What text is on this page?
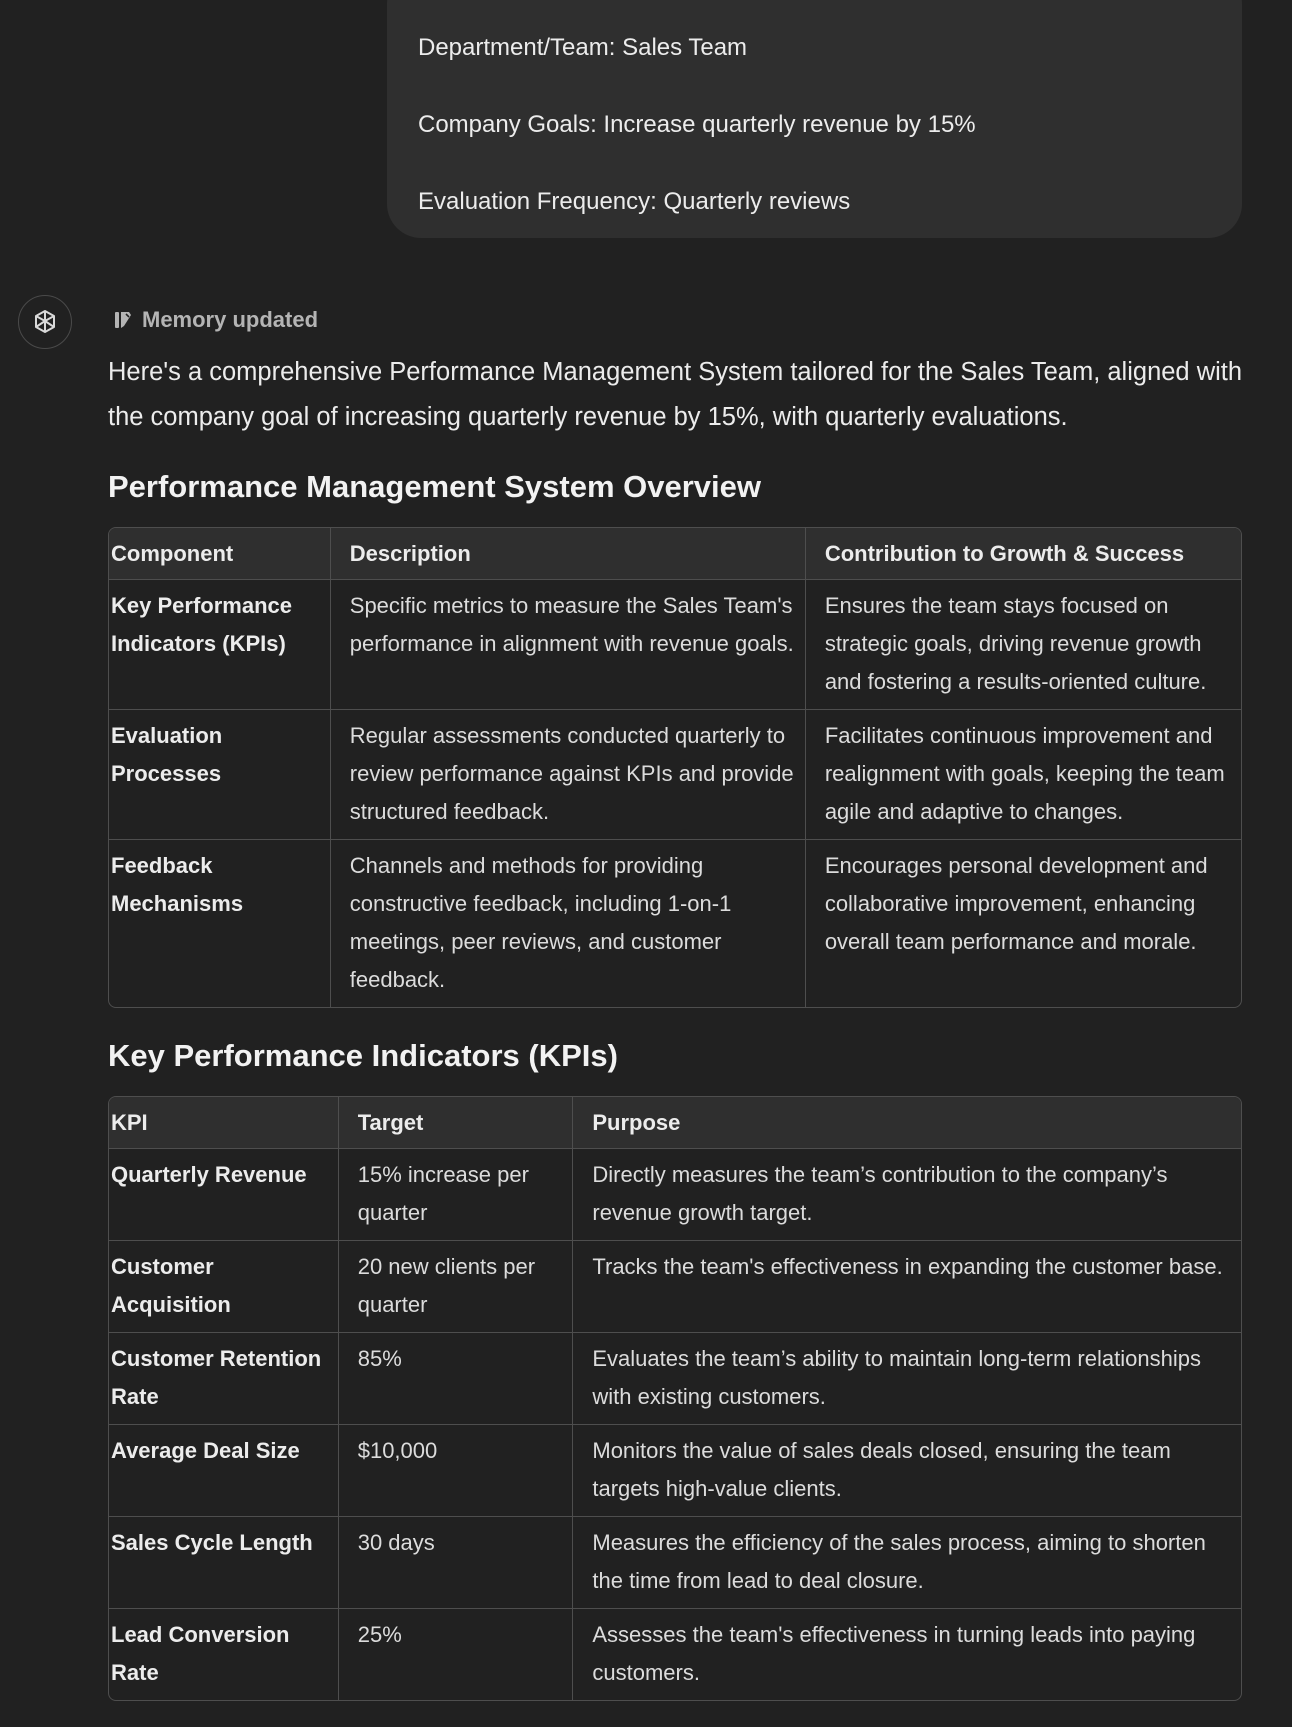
Department/Team: Sales Team

Company Goals: Increase quarterly revenue by 15%

Evaluation Frequency: Quarterly reviews

Memory updated

Here's a comprehensive Performance Management System tailored for the Sales Team, aligned with the company goal of increasing quarterly revenue by 15%, with quarterly evaluations.

Performance Management System Overview
Component	Description	Contribution to Growth & Success
Key Performance Indicators (KPIs)	Specific metrics to measure the Sales Team's performance in alignment with revenue goals.	Ensures the team stays focused on strategic goals, driving revenue growth and fostering a results-oriented culture.
Evaluation Processes	Regular assessments conducted quarterly to review performance against KPIs and provide structured feedback.	Facilitates continuous improvement and realignment with goals, keeping the team agile and adaptive to changes.
Feedback Mechanisms	Channels and methods for providing constructive feedback, including 1-on-1 meetings, peer reviews, and customer feedback.	Encourages personal development and collaborative improvement, enhancing overall team performance and morale.
Key Performance Indicators (KPIs)
KPI	Target	Purpose
Quarterly Revenue	15% increase per quarter	Directly measures the team’s contribution to the company’s revenue growth target.
Customer Acquisition	20 new clients per quarter	Tracks the team's effectiveness in expanding the customer base.
Customer Retention Rate	85%	Evaluates the team’s ability to maintain long-term relationships with existing customers.
Average Deal Size	$10,000	Monitors the value of sales deals closed, ensuring the team targets high-value clients.
Sales Cycle Length	30 days	Measures the efficiency of the sales process, aiming to shorten the time from lead to deal closure.
Lead Conversion Rate	25%	Assesses the team's effectiveness in turning leads into paying customers.
